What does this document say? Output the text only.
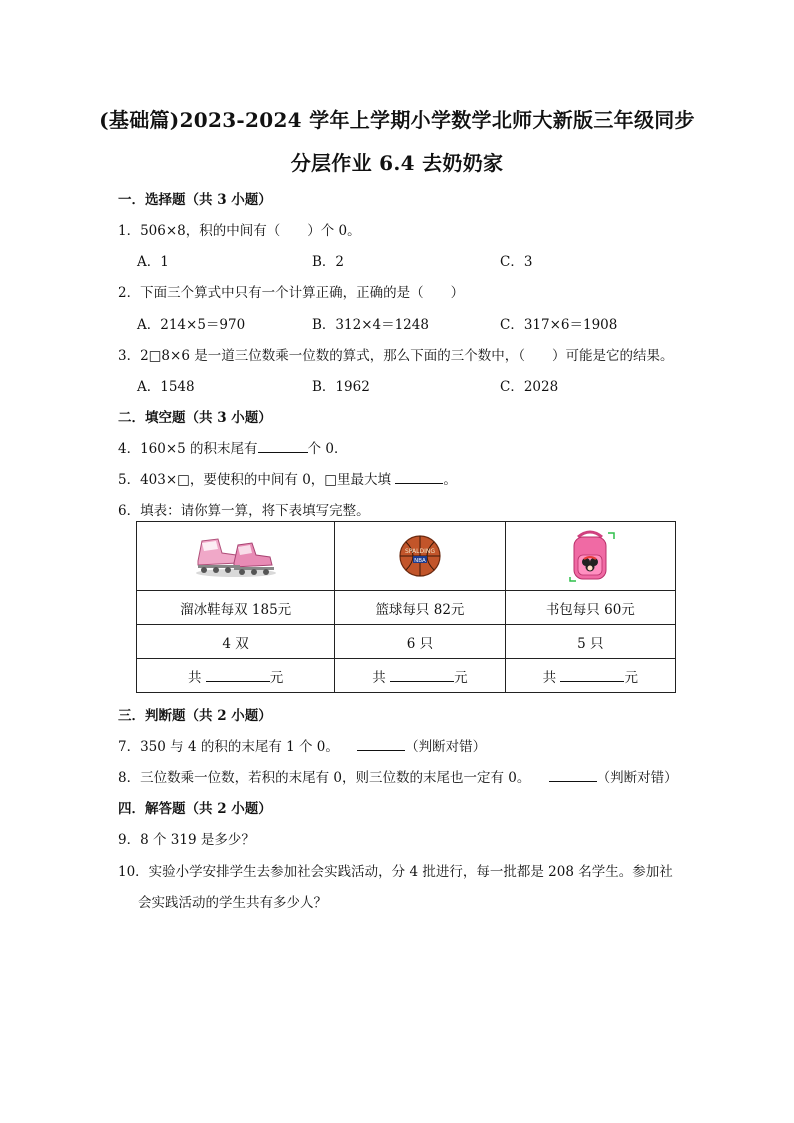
(基础篇)2023-2024 学年上学期小学数学北师大新版三年级同步
分层作业 6.4 去奶奶家
一．选择题（共 3 小题）
1．506×8，积的中间有（　　）个 0。
A．1	B．2	C．3
2．下面三个算式中只有一个计算正确，正确的是（　　）
A．214×5＝970	B．312×4＝1248	C．317×6＝1908
3．2□8×6 是一道三位数乘一位数的算式，那么下面的三个数中，（　　）可能是它的结果。
A．1548	B．1962	C．2028
二．填空题（共 3 小题）
4．160×5 的积末尾有	个 0．
5．403×□，要使积的中间有 0，□里最大填	。
6．填表：请你算一算，将下表填写完整。

SPALDING
NBA

溜冰鞋每双 185元	篮球每只 82元	书包每只 60元
4 双	6 只	5 只
共 元	共 元	共 元
三．判断题（共 2 小题）
7．350 与 4 的积的末尾有 1 个 0。	（判断对错）
8．三位数乘一位数，若积的末尾有 0，则三位数的末尾也一定有 0。	（判断对错）
四．解答题（共 2 小题）
9．8 个 319 是多少？
10．实验小学安排学生去参加社会实践活动，分 4 批进行，每一批都是 208 名学生。参加社
会实践活动的学生共有多少人？
